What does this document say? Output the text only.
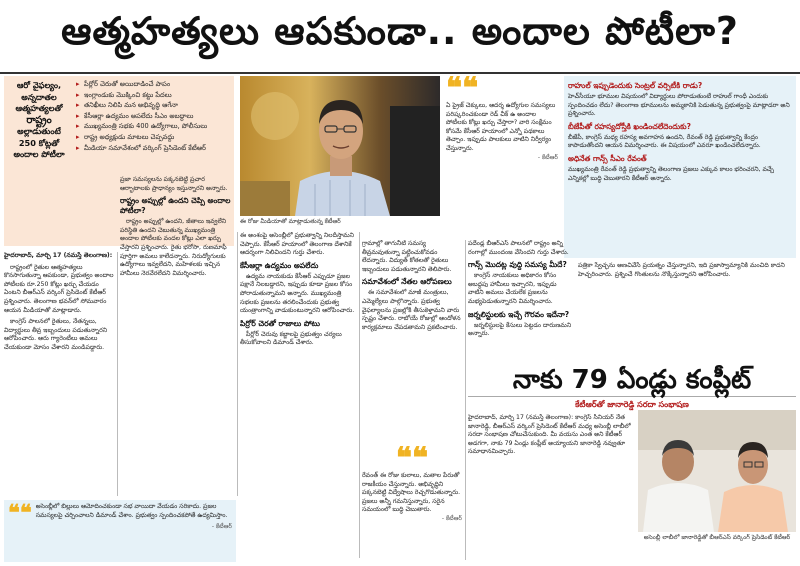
ఆత్మహత్యలు ఆపకుండా.. అందాల పోటీలా?
ఆరో వైఫల్యం,
అన్నదాతల
ఆత్మహత్యలతో
రాష్ట్రం
అల్లాడుతుంటే
250 కోట్లతో
అందాల పోటీలా
▸ పీర్లోర్ చెరుతో అయిదాడించే పాపం
▸ ఇంగ్లాండుకు మొక్కించి కట్టు పేదలు
▸ తనిఖీలు నిలిపి మన అభివృద్ధి ఆగేనా
▸ కేసీఆర్లా ఉద్యమం అపలేదు సీఎం అబద్ధాలు
▸ ముఖ్యమంత్రి సభకు 400 ఉద్యోగాలు, పోలీసులు
▸ రాష్ట్ర అధ్యక్షుడు మాటలు చెప్పవద్దు
▸ మీడియా సమావేశంలో వర్కింగ్ ప్రెసిడెంట్ కేటీఆర్
ఈ రోజు మీడియాతో మాట్లాడుతున్న కేటీఆర్
❝❝
ఏ ప్రైజ్ చెక్కులు, ఆదర్శ ఉద్యోగుల సమస్యలు పరిష్కరించకుండా రెడ్ చీక్ ఉ అందాల పోటీలకు కోట్లు ఖర్చు చేస్తారా? వారి సంక్షేమం కోసమే కేసీఆర్ హయాంలో ఎన్నో పథకాలు తెచ్చాం. ఇప్పుడు పాలకులు వాటిని నిర్వీర్యం చేస్తున్నారు.
- కేటీఆర్
రాహుల్ ఇప్పుడెందుకు సెంట్రల్ వర్సిటీకి రాడు?

హెచ్‌సీయూ భూముల విషయంలో విద్యార్థులు పోరాడుతుంటే రాహుల్ గాంధీ ఎందుకు స్పందించడం లేదు? తెలంగాణ భూములను అమ్మకానికి పెడుతున్న ప్రభుత్వంపై మాట్లాడరా అని ప్రశ్నించారు.

బీజేపీతో రహస్యదోస్తీకి ఖండించలేదెందుకు?

బీజేపీ, కాంగ్రెస్ మధ్య రహస్య అవగాహన ఉందని, రేవంత్ రెడ్డి ప్రభుత్వాన్ని కేంద్రం కాపాడుతోందని ఆయన విమర్శించారు. ఈ విషయంలో ఎవరూ ఖండించలేదన్నారు.

అధినేత గాన్స్ సీఎం రేవంత్

ముఖ్యమంత్రి రేవంత్ రెడ్డి ప్రభుత్వాన్ని తెలంగాణ ప్రజలు ఎక్కువ కాలం భరించరని, వచ్చే ఎన్నికల్లో బుద్ధి చెబుతారని కేటీఆర్ అన్నారు.

హైదరాబాద్, మార్చి 17 (నమస్తే తెలంగాణ):

రాష్ట్రంలో రైతుల ఆత్మహత్యలు కొనసాగుతున్నా ఆపకుండా, ప్రభుత్వం అందాల పోటీలకు రూ.250 కోట్లు ఖర్చు చేయడం ఏంటని బీఆర్ఎస్ వర్కింగ్ ప్రెసిడెంట్ కేటీఆర్ ప్రశ్నించారు. తెలంగాణ భవన్‌లో సోమవారం ఆయన మీడియాతో మాట్లాడారు.

కాంగ్రెస్ పాలనలో రైతులు, నేతన్నలు, విద్యార్థులు తీవ్ర ఇబ్బందులు పడుతున్నారని ఆరోపించారు. ఆరు గ్యారెంటీలు అమలు చేయకుండా మోసం చేశారని మండిపడ్డారు.

ప్రజా సమస్యలను పక్కనబెట్టి ప్రచార ఆర్భాటాలకు ప్రాధాన్యం ఇస్తున్నారని అన్నారు.

రాష్ట్రం అప్పుల్లో ఉందని చెప్పి అందాల పోటీలా?

రాష్ట్రం అప్పుల్లో ఉందని, జీతాలు ఇవ్వలేని పరిస్థితి ఉందని చెబుతున్న ముఖ్యమంత్రి అందాల పోటీలకు వందల కోట్లు ఎలా ఖర్చు చేస్తారని ప్రశ్నించారు. రైతు భరోసా, రుణమాఫీ పూర్తిగా అమలు కాలేదన్నారు. నిరుద్యోగులకు ఉద్యోగాలు ఇవ్వలేదని, మహిళలకు ఇచ్చిన హామీలు నెరవేరలేదని విమర్శించారు.

ఈ అంశంపై అసెంబ్లీలో ప్రభుత్వాన్ని నిలదీస్తామని చెప్పారు. కేసీఆర్ హయాంలో తెలంగాణ దేశానికే ఆదర్శంగా నిలిచిందని గుర్తు చేశారు.

కేసీఆర్లా ఉద్యమం అపలేదు

ఉద్యమ నాయకుడు కేసీఆర్ ఎప్పుడూ ప్రజల పక్షానే నిలబడ్డారని, ఇప్పుడు కూడా ప్రజల కోసం పోరాడుతున్నామని అన్నారు. ముఖ్యమంత్రి సభలకు ప్రజలను తరలించేందుకు ప్రభుత్వ యంత్రాంగాన్ని వాడుకుంటున్నారని ఆరోపించారు.

పిర్రోర్ చెరతో రాజాలు పోటు

పీర్లోర్ చెరువు కబ్జాలపై ప్రభుత్వం చర్యలు తీసుకోవాలని డిమాండ్ చేశారు.

గ్రామాల్లో తాగునీటి సమస్య తీవ్రమవుతున్నా పట్టించుకోవడం లేదన్నారు. విద్యుత్ కోతలతో రైతులు ఇబ్బందులు పడుతున్నారని తెలిపారు.

సమావేశంలో నేతల ఆరోపణలు

ఈ సమావేశంలో మాజీ మంత్రులు, ఎమ్మెల్యేలు పాల్గొన్నారు. ప్రభుత్వ వైఫల్యాలను ప్రజల్లోకి తీసుకెళ్తామని వారు స్పష్టం చేశారు. రాబోయే రోజుల్లో ఆందోళన కార్యక్రమాలు చేపడతామని ప్రకటించారు.

❝❝
రేవంత్ ఈ రోజు కులాలు, మతాల పేరుతో రాజకీయం చేస్తున్నారు. అభివృద్ధిని పక్కనబెట్టి విద్వేషాలు రెచ్చగొడుతున్నారు. ప్రజలు అన్నీ గమనిస్తున్నారు, సరైన సమయంలో బుద్ధి చెబుతారు.
- కేటీఆర్

పదేండ్ల బీఆర్ఎస్ పాలనలో రాష్ట్రం అన్ని రంగాల్లో ముందంజ వేసిందని గుర్తు చేశారు.

గాన్స్ మొదట్ల వుద్ది సమస్య మీదే?

కాంగ్రెస్ నాయకులు అధికారం కోసం అబద్ధపు హామీలు ఇచ్చారని, ఇప్పుడు వాటిని అమలు చేయలేక ప్రజలను మభ్యపెడుతున్నారని విమర్శించారు.

జర్నలిస్టులకు ఇచ్చే గౌరవం ఇదేనా?

జర్నలిస్టులపై కేసులు పెట్టడం దారుణమని అన్నారు.

పత్రికా స్వేచ్ఛను అణచివేసే ప్రయత్నం చేస్తున్నారని, ఇది ప్రజాస్వామ్యానికి మంచిది కాదని హెచ్చరించారు. ప్రశ్నించే గొంతులను నొక్కేస్తున్నారని ఆరోపించారు.

నాకు 79 ఏండ్లు కంప్లీట్
కేటీఆర్‌తో జానారెడ్డి సరదా సంభాషణ

హైదరాబాద్, మార్చి 17 (నమస్తే తెలంగాణ): కాంగ్రెస్ సీనియర్ నేత జానారెడ్డి, బీఆర్ఎస్ వర్కింగ్ ప్రెసిడెంట్ కేటీఆర్ మధ్య అసెంబ్లీ లాబీలో సరదా సంభాషణ చోటుచేసుకుంది. మీ వయసు ఎంత అని కేటీఆర్ అడగగా, నాకు 79 ఏండ్లు కంప్లీట్ అయ్యాయని జానారెడ్డి నవ్వుతూ సమాధానమిచ్చారు.

అసెంబ్లీ లాబీలో జానారెడ్డితో బీఆర్ఎస్ వర్కింగ్ ప్రెసిడెంట్ కేటీఆర్
❝❝ అసెంబ్లీలో బిల్లులు ఆమోదించకుండా సభ వాయిదా వేయడం సరికాదు. ప్రజల సమస్యలపై చర్చించాలని డిమాండ్ చేశాం. ప్రభుత్వం స్పందించకపోతే ఉద్యమిస్తాం.
- కేటీఆర్
